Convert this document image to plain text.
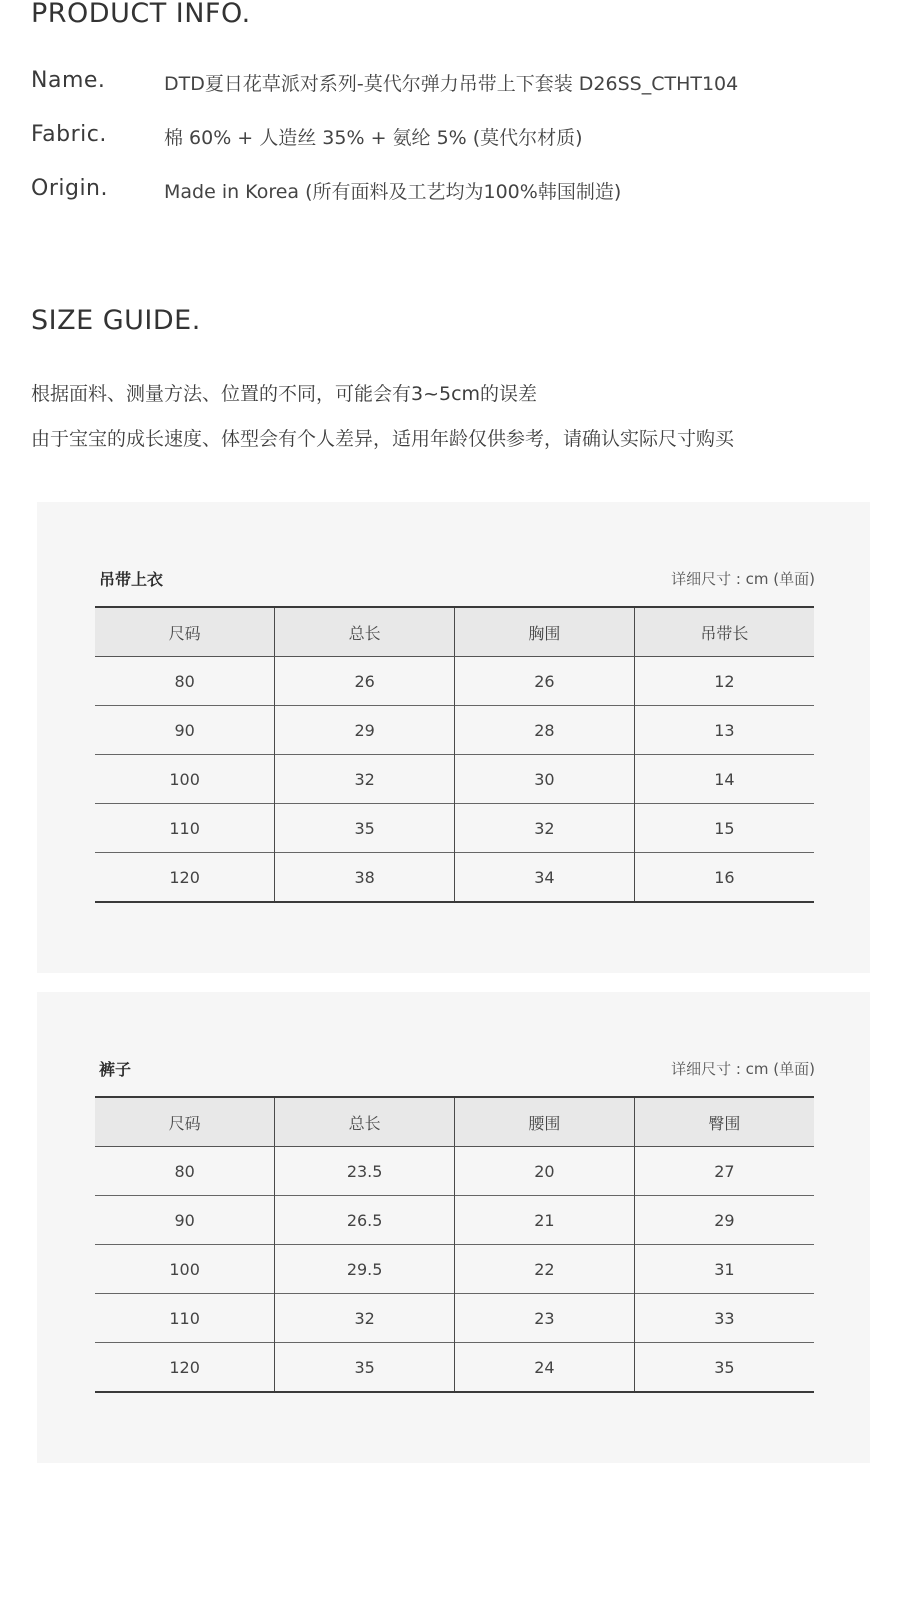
PRODUCT INFO.
Name.	DTD夏日花草派对系列-莫代尔弹力吊带上下套装 D26SS_CTHT104
Fabric.	棉 60% + 人造丝 35% + 氨纶 5% (莫代尔材质)
Origin.	Made in Korea (所有面料及工艺均为100%韩国制造)
SIZE GUIDE.
根据面料、测量方法、位置的不同，可能会有3~5cm的误差
由于宝宝的成长速度、体型会有个人差异，适用年龄仅供参考，请确认实际尺寸购买
吊带上衣	详细尺寸 : cm (单面)
尺码	总长	胸围	吊带长
80	26	26	12
90	29	28	13
100	32	30	14
110	35	32	15
120	38	34	16
裤子	详细尺寸 : cm (单面)
尺码	总长	腰围	臀围
80	23.5	20	27
90	26.5	21	29
100	29.5	22	31
110	32	23	33
120	35	24	35
